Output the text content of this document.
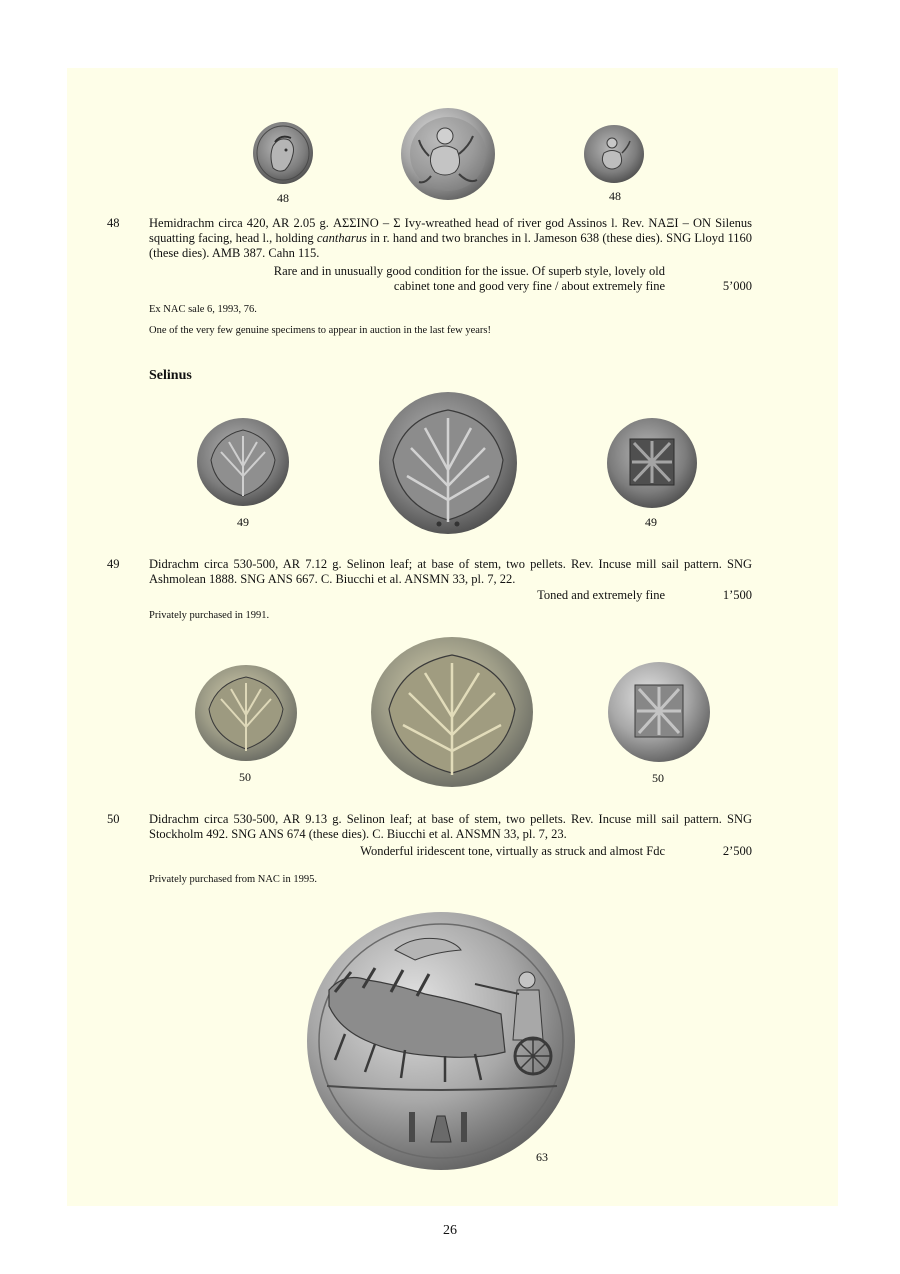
48	48
48 Hemidrachm circa 420, AR 2.05 g. ΑΣΣΙΝΟ – Σ Ivy-wreathed head of river god Assinos l. Rev. ΝΑΞΙ – ΟΝ Silenus squatting facing, head l., holding cantharus in r. hand and two branches in l. Jameson 638 (these dies). SNG Lloyd 1160 (these dies). AMB 387. Cahn 115.
Rare and in unusually good condition for the issue. Of superb style, lovely old
cabinet tone and good very fine / about extremely fine	5’000
Ex NAC sale 6, 1993, 76.
One of the very few genuine specimens to appear in auction in the last few years!
Selinus
49	49
49 Didrachm circa 530-500, AR 7.12 g. Selinon leaf; at base of stem, two pellets. Rev. Incuse mill sail pattern. SNG Ashmolean 1888. SNG ANS 667. C. Biucchi et al. ANSMN 33, pl. 7, 22.
Toned and extremely fine	1’500
Privately purchased in 1991.
50	50
50 Didrachm circa 530-500, AR 9.13 g. Selinon leaf; at base of stem, two pellets. Rev. Incuse mill sail pattern. SNG Stockholm 492. SNG ANS 674 (these dies). C. Biucchi et al. ANSMN 33, pl. 7, 23.
Wonderful iridescent tone, virtually as struck and almost Fdc	2’500
Privately purchased from NAC in 1995.
63
26
